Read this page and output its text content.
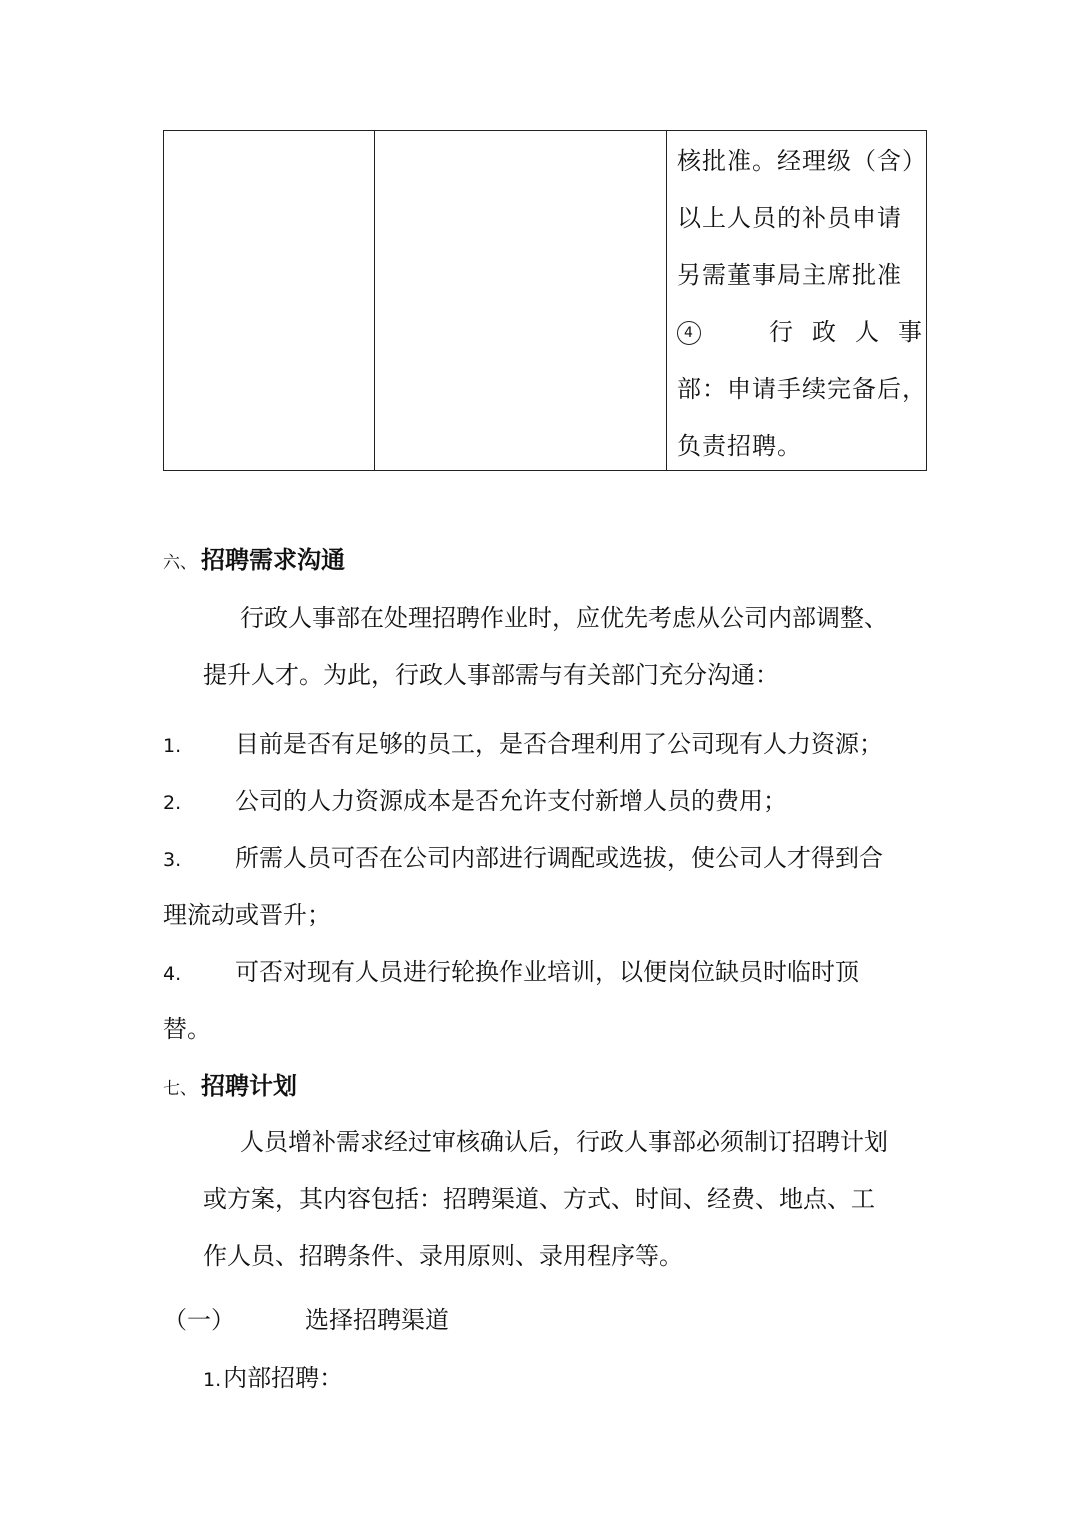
核批准。经理级（含）
以上人员的补员申请
另需董事局主席批准
4	行政人事
部：申请手续完备后，
负责招聘。
六、 招聘需求沟通
行政人事部在处理招聘作业时，应优先考虑从公司内部调整、
提升人才。为此，行政人事部需与有关部门充分沟通：
1. 目前是否有足够的员工，是否合理利用了公司现有人力资源；
2. 公司的人力资源成本是否允许支付新增人员的费用；
3. 所需人员可否在公司内部进行调配或选拔，使公司人才得到合
理流动或晋升；
4. 可否对现有人员进行轮换作业培训，以便岗位缺员时临时顶
替。
七、 招聘计划
人员增补需求经过审核确认后，行政人事部必须制订招聘计划
或方案，其内容包括：招聘渠道、方式、时间、经费、地点、工
作人员、招聘条件、录用原则、录用程序等。
（一）	选择招聘渠道
1.内部招聘：
